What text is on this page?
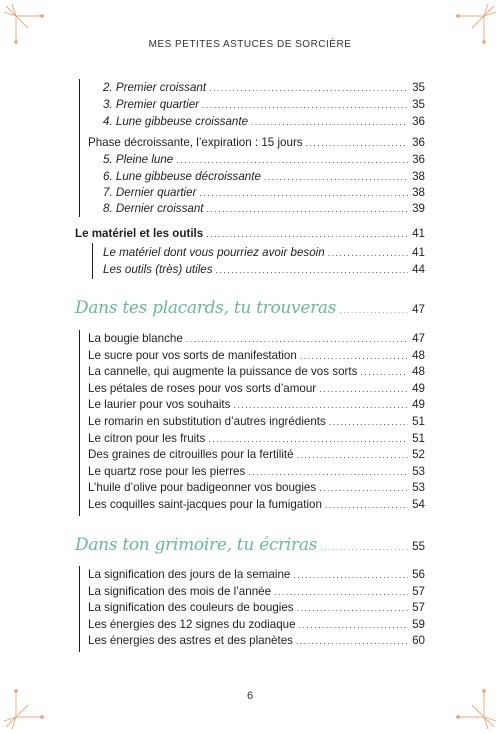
MES PETITES ASTUCES DE SORCIÈRE
2. Premier croissant .....	35
3. Premier quartier .....	35
4. Lune gibbeuse croissante .....	36
Phase décroissante, l’expiration : 15 jours .....	36
5. Pleine lune .....	36
6. Lune gibbeuse décroissante .....	38
7. Dernier quartier .....	38
8. Dernier croissant .....	39
Le matériel et les outils .....	41
Le matériel dont vous pourriez avoir besoin .....	41
Les outils (très) utiles .....	44
Dans tes placards, tu trouveras .....	47
La bougie blanche .....	47
Le sucre pour vos sorts de manifestation .....	48
La cannelle, qui augmente la puissance de vos sorts .....	48
Les pétales de roses pour vos sorts d’amour .....	49
Le laurier pour vos souhaits .....	49
Le romarin en substitution d’autres ingrédients .....	51
Le citron pour les fruits .....	51
Des graines de citrouilles pour la fertilité .....	52
Le quartz rose pour les pierres .....	53
L’huile d’olive pour badigeonner vos bougies .....	53
Les coquilles saint-jacques pour la fumigation .....	54
Dans ton grimoire, tu écriras .....	55
La signification des jours de la semaine .....	56
La signification des mois de l’année .....	57
La signification des couleurs de bougies .....	57
Les énergies des 12 signes du zodiaque .....	59
Les énergies des astres et des planètes .....	60
6
